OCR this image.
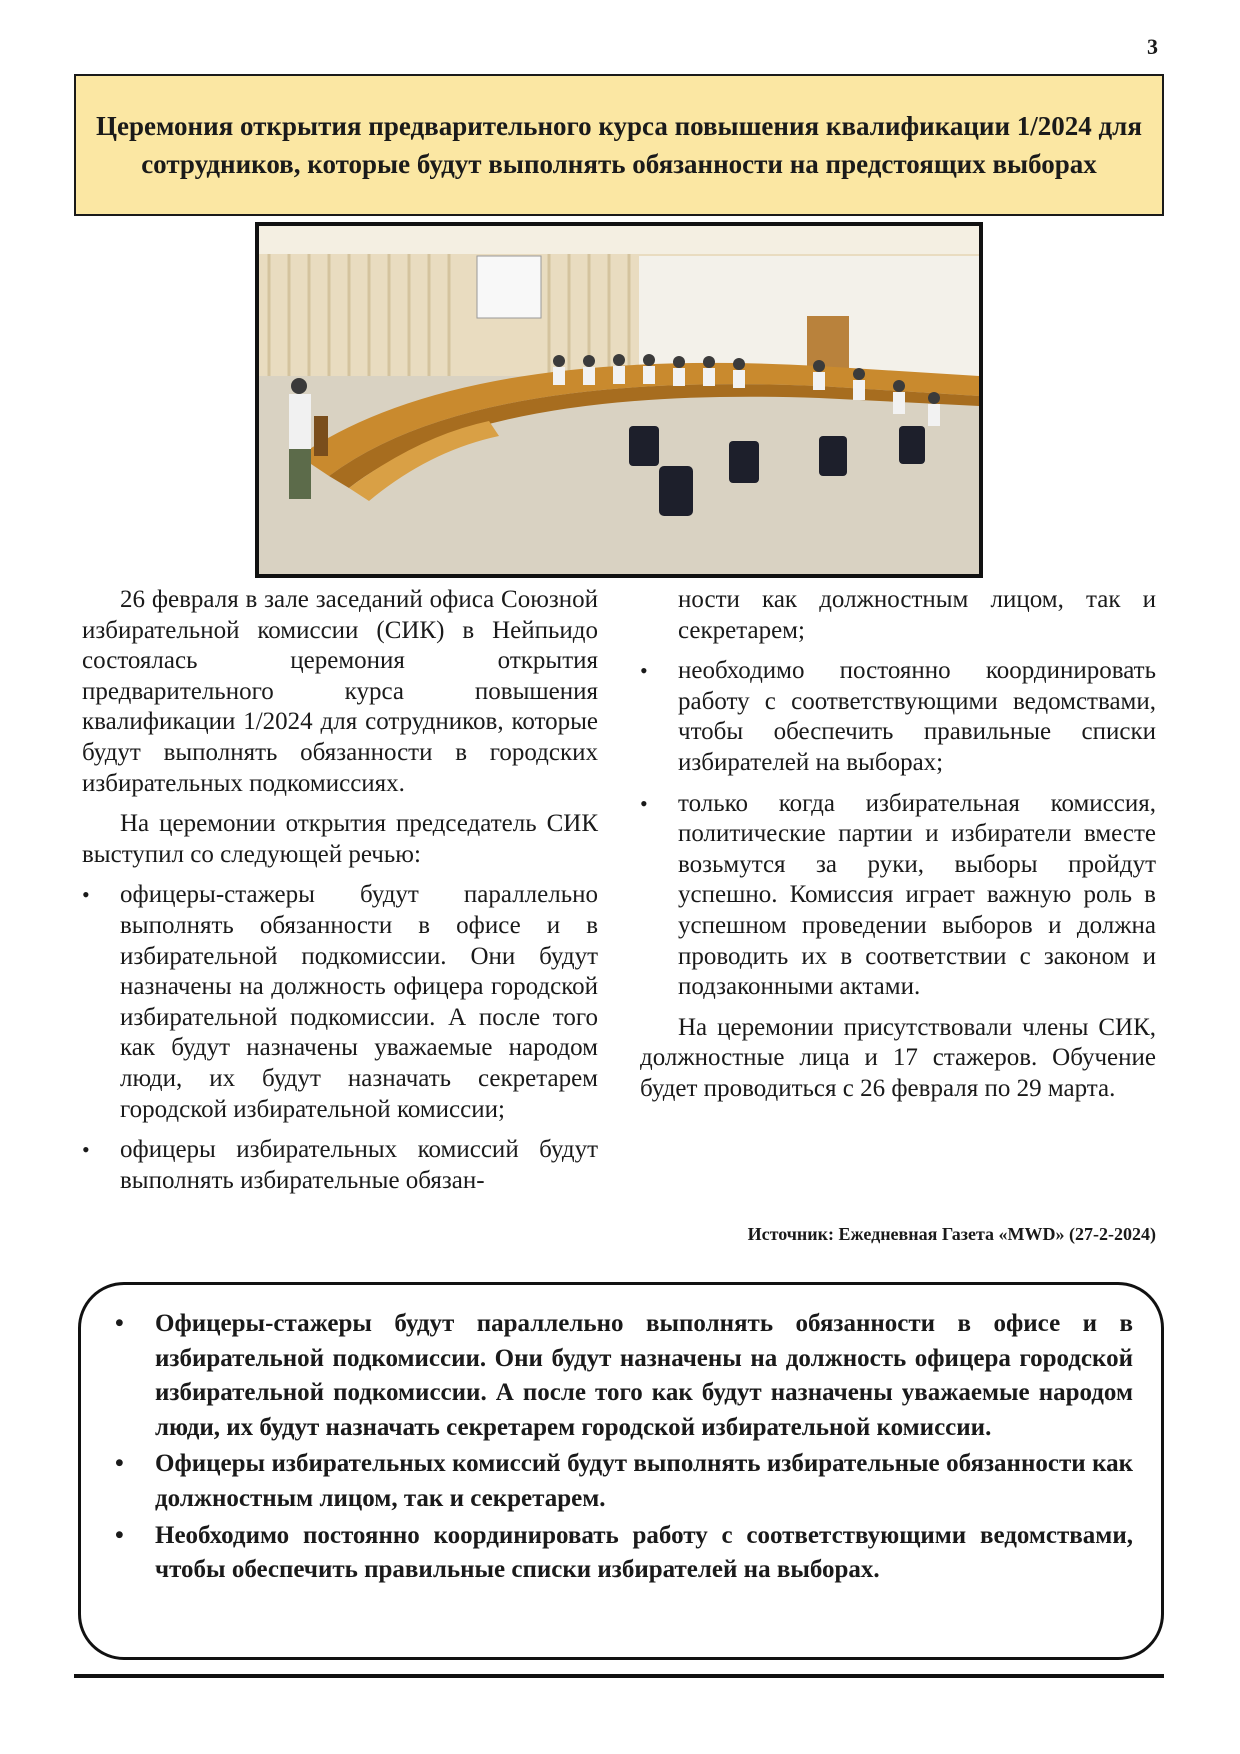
3
Церемония открытия предварительного курса повышения квалификации 1/2024 для сотрудников, которые будут выполнять обязанности на предстоящих выборах

26 февраля в зале заседаний офиса Союзной избирательной комиссии (СИК) в Нейпьидо состоялась церемония открытия предварительного курса повышения квалификации 1/2024 для сотрудников, которые будут выполнять обязанности в городских избирательных подкомиссиях.

На церемонии открытия председатель СИК выступил со следующей речью:

• офицеры-стажеры будут параллельно выполнять обязанности в офисе и в избирательной подкомиссии. Они будут назначены на должность офицера городской избирательной подкомиссии. А после того как будут назначены уважаемые народом люди, их будут назначать секретарем городской избирательной комиссии;
• офицеры избирательных комиссий будут выполнять избирательные обязан-

ности как должностным лицом, так и секретарем;

• необходимо постоянно координировать работу с соответствующими ведомствами, чтобы обеспечить правильные списки избирателей на выборах;
• только когда избирательная комиссия, политические партии и избиратели вместе возьмутся за руки, выборы пройдут успешно. Комиссия играет важную роль в успешном проведении выборов и должна проводить их в соответствии с законом и подзаконными актами.

На церемонии присутствовали члены СИК, должностные лица и 17 стажеров. Обучение будет проводиться с 26 февраля по 29 марта.

Источник: Ежедневная Газета «MWD» (27-2-2024)
• Офицеры-стажеры будут параллельно выполнять обязанности в офисе и в избирательной подкомиссии. Они будут назначены на должность офицера городской избирательной подкомиссии. А после того как будут назначены уважаемые народом люди, их будут назначать секретарем городской избирательной комиссии.
• Офицеры избирательных комиссий будут выполнять избирательные обязанности как должностным лицом, так и секретарем.
• Необходимо постоянно координировать работу с соответствующими ведомствами, чтобы обеспечить правильные списки избирателей на выборах.
